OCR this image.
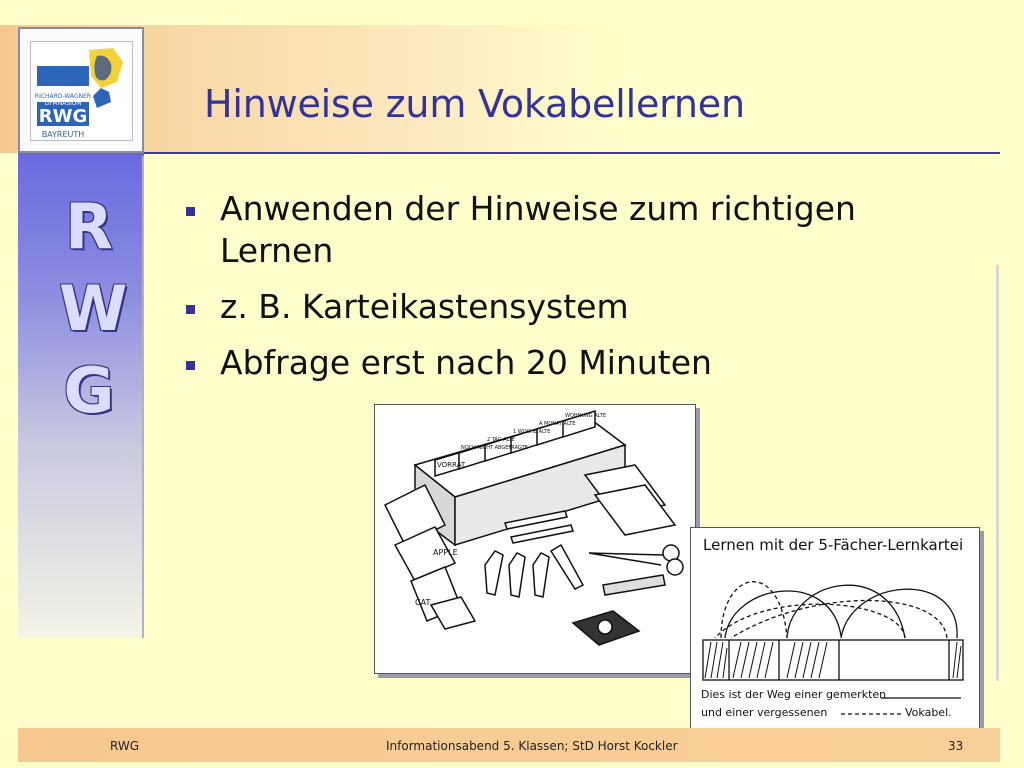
RICHARD-WAGNER
GYMNASIUM
RWG
BAYREUTH
Hinweise zum Vokabellernen
R
W
G
Anwenden der Hinweise zum richtigen Lernen
z. B. Karteikastensystem
Abfrage erst nach 20 Minuten
WOHNUNG ALTE
A MONAT ALTE
1 WOCHE ALTE
2 TAG ALTE
NOCH NICHT ABGEFRAGTE
VORRAT
APPLE
CAT
Lernen mit der 5-Fächer-Lernkartei
Dies ist der Weg einer gemerkten
und einer vergessenen	Vokabel.
RWG	Informationsabend 5. Klassen; StD Horst Kockler	33
